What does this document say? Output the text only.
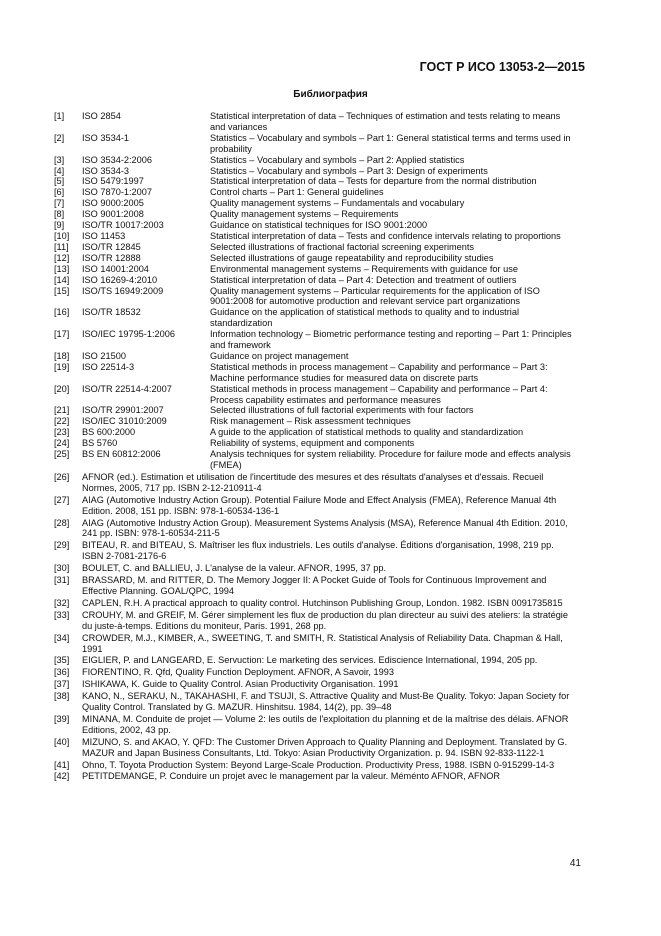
ГОСТ Р ИСО 13053-2—2015
Библиография
[1]	ISO 2854	Statistical interpretation of data – Techniques of estimation and tests relating to means and variances
[2]	ISO 3534-1	Statistics – Vocabulary and symbols – Part 1: General statistical terms and terms used in probability
[3]	ISO 3534-2:2006	Statistics – Vocabulary and symbols – Part 2: Applied statistics
[4]	ISO 3534-3	Statistics – Vocabulary and symbols – Part 3: Design of experiments
[5]	ISO 5479:1997	Statistical interpretation of data – Tests for departure from the normal distribution
[6]	ISO 7870-1:2007	Control charts – Part 1: General guidelines
[7]	ISO 9000:2005	Quality management systems – Fundamentals and vocabulary
[8]	ISO 9001:2008	Quality management systems – Requirements
[9]	ISO/TR 10017:2003	Guidance on statistical techniques for ISO 9001:2000
[10]	ISO 11453	Statistical interpretation of data – Tests and confidence intervals relating to proportions
[11]	ISO/TR 12845	Selected illustrations of fractional factorial screening experiments
[12]	ISO/TR 12888	Selected illustrations of gauge repeatability and reproducibility studies
[13]	ISO 14001:2004	Environmental management systems – Requirements with guidance for use
[14]	ISO 16269-4:2010	Statistical interpretation of data – Part 4: Detection and treatment of outliers
[15]	ISO/TS 16949:2009	Quality management systems – Particular requirements for the application of ISO 9001:2008 for automotive production and relevant service part organizations
[16]	ISO/TR 18532	Guidance on the application of statistical methods to quality and to industrial standardization
[17]	ISO/IEC 19795-1:2006	Information technology – Biometric performance testing and reporting – Part 1: Principles and framework
[18]	ISO 21500	Guidance on project management
[19]	ISO 22514-3	Statistical methods in process management – Capability and performance – Part 3: Machine performance studies for measured data on discrete parts
[20]	ISO/TR 22514-4:2007	Statistical methods in process management – Capability and performance – Part 4: Process capability estimates and performance measures
[21]	ISO/TR 29901:2007	Selected illustrations of full factorial experiments with four factors
[22]	ISO/IEC 31010:2009	Risk management – Risk assessment techniques
[23]	BS 600:2000	A guide to the application of statistical methods to quality and standardization
[24]	BS 5760	Reliability of systems, equipment and components
[25]	BS EN 60812:2006	Analysis techniques for system reliability. Procedure for failure mode and effects analysis (FMEA)
[26]	AFNOR (ed.). Estimation et utilisation de l'incertitude des mesures et des résultats d'analyses et d'essais. Recueil Normes, 2005, 717 pp. ISBN 2-12-210911-4
[27]	AIAG (Automotive Industry Action Group). Potential Failure Mode and Effect Analysis (FMEA), Reference Manual 4th Edition. 2008, 151 pp. ISBN: 978-1-60534-136-1
[28]	AIAG (Automotive Industry Action Group). Measurement Systems Analysis (MSA), Reference Manual 4th Edition. 2010, 241 pp. ISBN: 978-1-60534-211-5
[29]	BITEAU, R. and BITEAU, S. Maîtriser les flux industriels. Les outils d'analyse. Éditions d'organisation, 1998, 219 pp. ISBN 2-7081-2176-6
[30]	BOULET, C. and BALLIEU, J. L'analyse de la valeur. AFNOR, 1995, 37 pp.
[31]	BRASSARD, M. and RITTER, D. The Memory Jogger II: A Pocket Guide of Tools for Continuous Improvement and Effective Planning. GOAL/QPC, 1994
[32]	CAPLEN, R.H. A practical approach to quality control. Hutchinson Publishing Group, London. 1982. ISBN 0091735815
[33]	CROUHY, M. and GREIF, M. Gérer simplement les flux de production du plan directeur au suivi des ateliers: la stratégie du juste-à-temps. Editions du moniteur, Paris. 1991, 268 pp.
[34]	CROWDER, M.J., KIMBER, A., SWEETING, T. and SMITH, R. Statistical Analysis of Reliability Data. Chapman & Hall, 1991
[35]	EIGLIER, P. and LANGEARD, E. Servuction: Le marketing des services. Ediscience International, 1994, 205 pp.
[36]	FIORENTINO, R. Qfd, Quality Function Deployment. AFNOR, A Savoir, 1993
[37]	ISHIKAWA, K. Guide to Quality Control. Asian Productivity Organisation. 1991
[38]	KANO, N., SERAKU, N., TAKAHASHI, F. and TSUJI, S. Attractive Quality and Must-Be Quality. Tokyo: Japan Society for Quality Control. Translated by G. MAZUR. Hinshitsu. 1984, 14(2), pp. 39–48
[39]	MINANA, M. Conduite de projet — Volume 2: les outils de l'exploitation du planning et de la maîtrise des délais. AFNOR Editions, 2002, 43 pp.
[40]	MIZUNO, S. and AKAO, Y. QFD: The Customer Driven Approach to Quality Planning and Deployment. Translated by G. MAZUR and Japan Business Consultants, Ltd. Tokyo: Asian Productivity Organization. p. 94. ISBN 92-833-1122-1
[41]	Ohno, T. Toyota Production System: Beyond Large-Scale Production. Productivity Press, 1988. ISBN 0-915299-14-3
[42]	PETITDEMANGE, P. Conduire un projet avec le management par la valeur. Méménto AFNOR, AFNOR
41
